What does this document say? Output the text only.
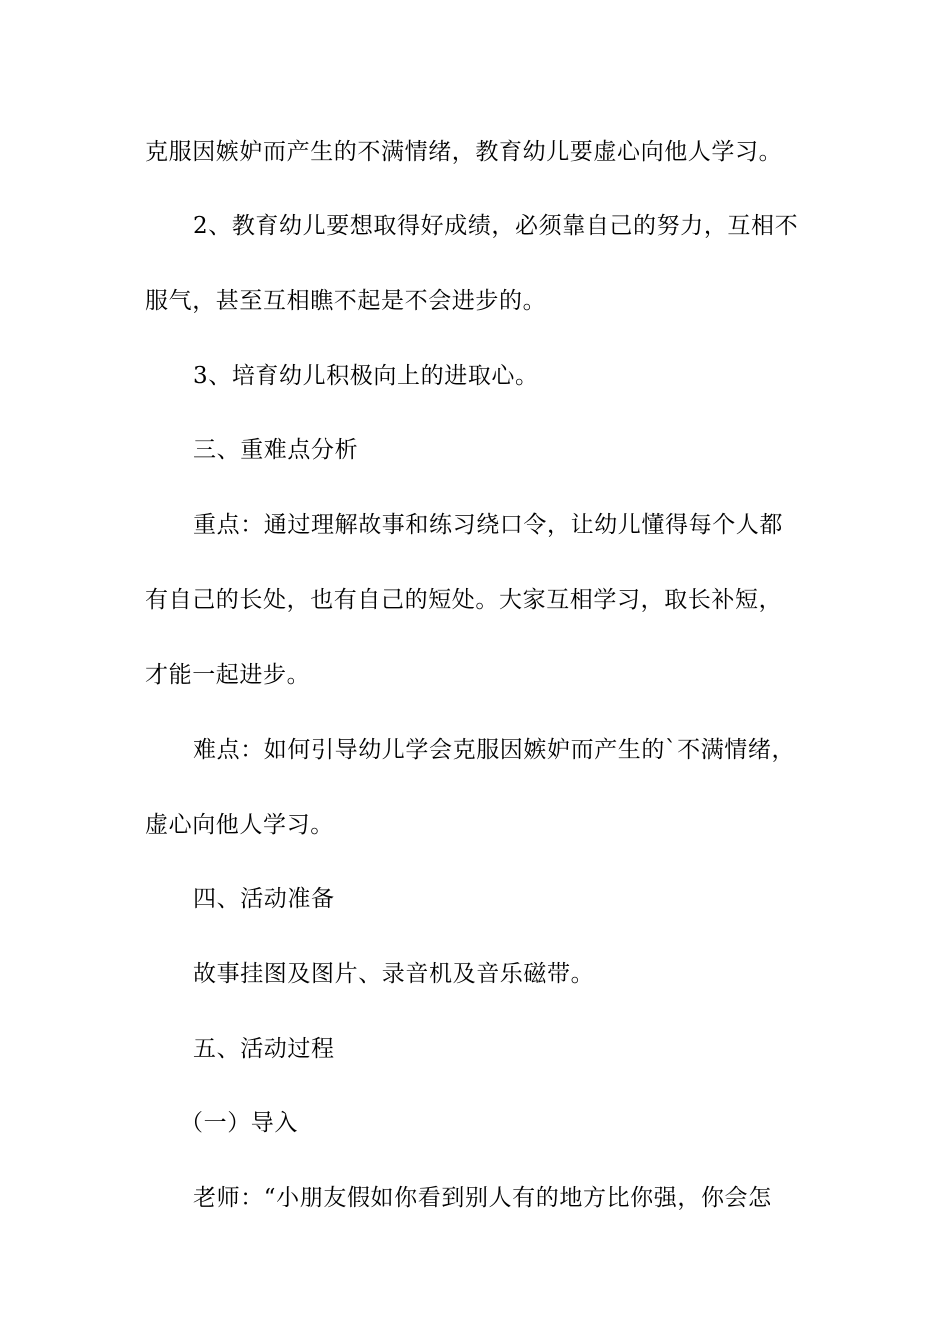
克服因嫉妒而产生的不满情绪，教育幼儿要虚心向他人学习。
2、教育幼儿要想取得好成绩，必须靠自己的努力，互相不
服气，甚至互相瞧不起是不会进步的。
3、培育幼儿积极向上的进取心。
三、重难点分析
重点：通过理解故事和练习绕口令，让幼儿懂得每个人都
有自己的长处，也有自己的短处。大家互相学习，取长补短，
才能一起进步。
难点：如何引导幼儿学会克服因嫉妒而产生的`不满情绪，
虚心向他人学习。
四、活动准备
故事挂图及图片、录音机及音乐磁带。
五、活动过程
（一）导入
老师：“小朋友假如你看到别人有的地方比你强，你会怎
